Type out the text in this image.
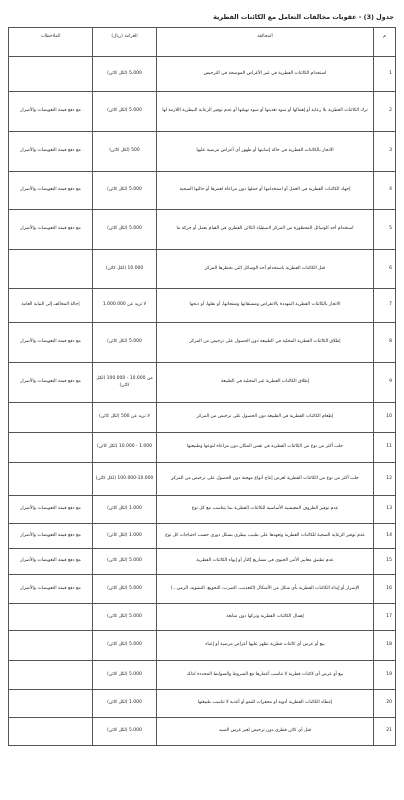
جدول (3) - عقوبات مخالفات التعامل مع الكائنات الفطرية
م	المخالفة	الغرامة (ريال)	الملاحظات
1	استخدام الكائنات الفطرية في غير الأغراض الموضحة في الترخيص	5.000 (لكل كائن)	
2	ترك الكائنات الفطرية بلا رعاية أو إهمالها أو سوء تغذيتها أو سوء تهيئتها أو عدم توفير الرعاية البيطرية اللازمة لها	5.000 (لكل كائن)	مع دفع قيمة التعويضات والأضرار
3	الاتجار بالكائنات الفطرية في حالة إصابتها أو ظهور أي أعراض مرضية عليها	500 (لكل كائن)	مع دفع قيمة التعويضات والأضرار
4	إجهاد الكائنات الفطرية في العمل أو استخدامها أو حملها دون مراعاة لعمرها أو حالتها الصحية	5.000 (لكل كائن)	مع دفع قيمة التعويضات والأضرار
5	استخدام أحد الوسائل المحظورة من المركز لاصطياد الكائن الفطري في القيام بعمل أو حركة ما	5.000 (لكل كائن)	مع دفع قيمة التعويضات والأضرار
6	قتل الكائنات الفطرية باستخدام أحد الوسائل التي يحظرها المركز	10.000 (لكل كائن)	
7	الاتجار بالكائنات الفطرية المهددة بالانقراض ومشتقاتها ومنتجاتها، أو نقلها، أو ذبحها	لا تزيد عن 1.000.000	إحالة المخالف إلى النيابة العامة
8	إطلاق الكائنات الفطرية المحلية في الطبيعة دون الحصول على ترخيص من المركز	5.000 (لكل كائن)	مع دفع قيمة التعويضات والأضرار
9	إطلاق الكائنات الفطرية غير المحلية في الطبيعة	من 10.000 - 100.000 (لكل كائن)	مع دفع قيمة التعويضات والأضرار
10	إطعام الكائنات الفطرية في الطبيعة دون الحصول على ترخيص من المركز	لا تزيد عن 500 (لكل كائن)	
11	جلب أكثر من نوع من الكائنات الفطرية في نفس المكان دون مراعاة لنوعها وطبيعتها	1.000 - 10.000 (لكل كائن)	
12	جلب أكثر من نوع من الكائنات الفطرية لغرض إنتاج أنواع مهجنة دون الحصول على ترخيص من المركز	100.000-10.000 (لكل كائن)	
13	عدم توفير الظروف المعيشية الأساسية للكائنات الفطرية بما يتناسب مع كل نوع	1.000 (لكل كائن)	مع دفع قيمة التعويضات والأضرار
14	عدم توفير الرعاية الصحية للكائنات الفطرية وتعهدها على طبيب بيطري بشكل دوري حسب احتياجات كل نوع	1.000 (لكل كائن)	مع دفع قيمة التعويضات والأضرار
15	عدم تطبيق معايير الأمن الحيوي في مشاريع إكثار أو إيواء الكائنات الفطرية	5.000 (لكل كائن)	مع دفع قيمة التعويضات والأضرار
16	الإضرار أو إيذاء الكائنات الفطرية بأي شكل من الأشكال (التعذيب، الضرب، التجويع، التشويه، الرمي...)	5.000 (لكل كائن)	مع دفع قيمة التعويضات والأضرار
17	إهمال الكائنات الفطرية وتركها دون متابعة	5.000 (لكل كائن)	
18	بيع أو عرض أي كائنات فطرية تظهر عليها أعراض مرضية أو إعياء	5.000 (لكل كائن)	
19	بيع أو عرض أي كائنات فطرية لا تناسب أعمارها مع الشروط والضوابط المحددة لذلك	5.000 (لكل كائن)	
20	إعطاء الكائنات الفطرية أدوية أو محفزات للنمو أو أغذية لا تناسب طبيعتها	1.000 (لكل كائن)	
21	قتل أي كائن فطري دون ترخيص لغير غرض الصيد	5.000 (لكل كائن)	
